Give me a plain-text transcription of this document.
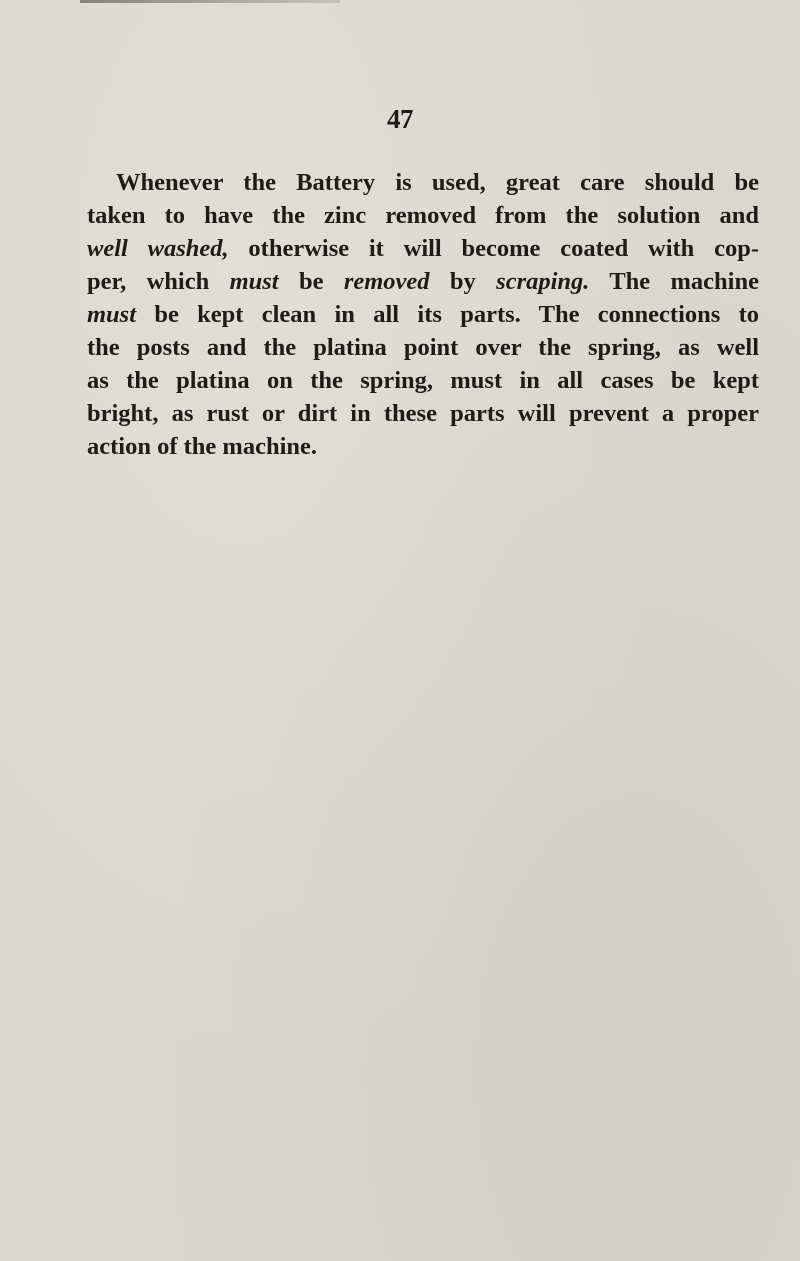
47
Whenever the Battery is used, great care should be
taken to have the zinc removed from the solution and
well washed, otherwise it will become coated with cop-
per, which must be removed by scraping. The machine
must be kept clean in all its parts. The connections to
the posts and the platina point over the spring, as well
as the platina on the spring, must in all cases be kept
bright, as rust or dirt in these parts will prevent a proper
action of the machine.
